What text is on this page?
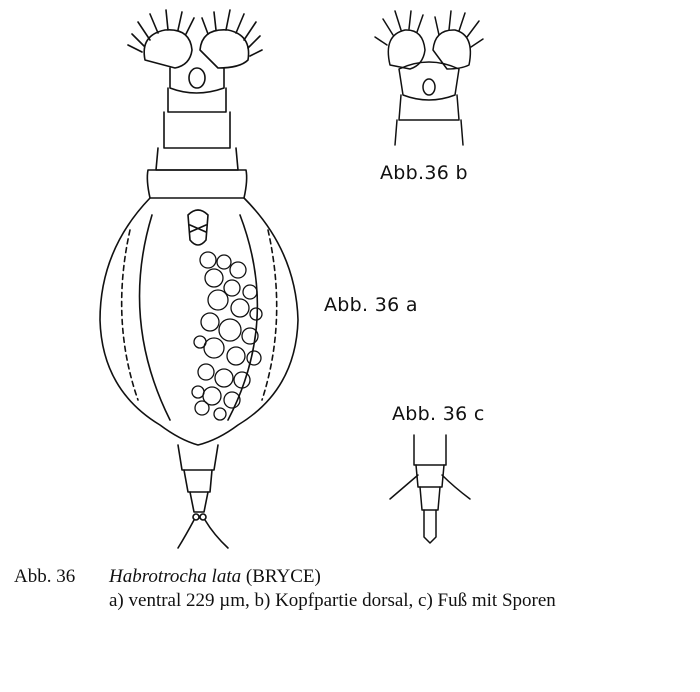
Abb. 36 a
Abb.36 b
Abb. 36 c
Abb. 36 Habrotrocha lata (BRYCE)
a) ventral 229 µm, b) Kopfpartie dorsal, c) Fuß mit Sporen
